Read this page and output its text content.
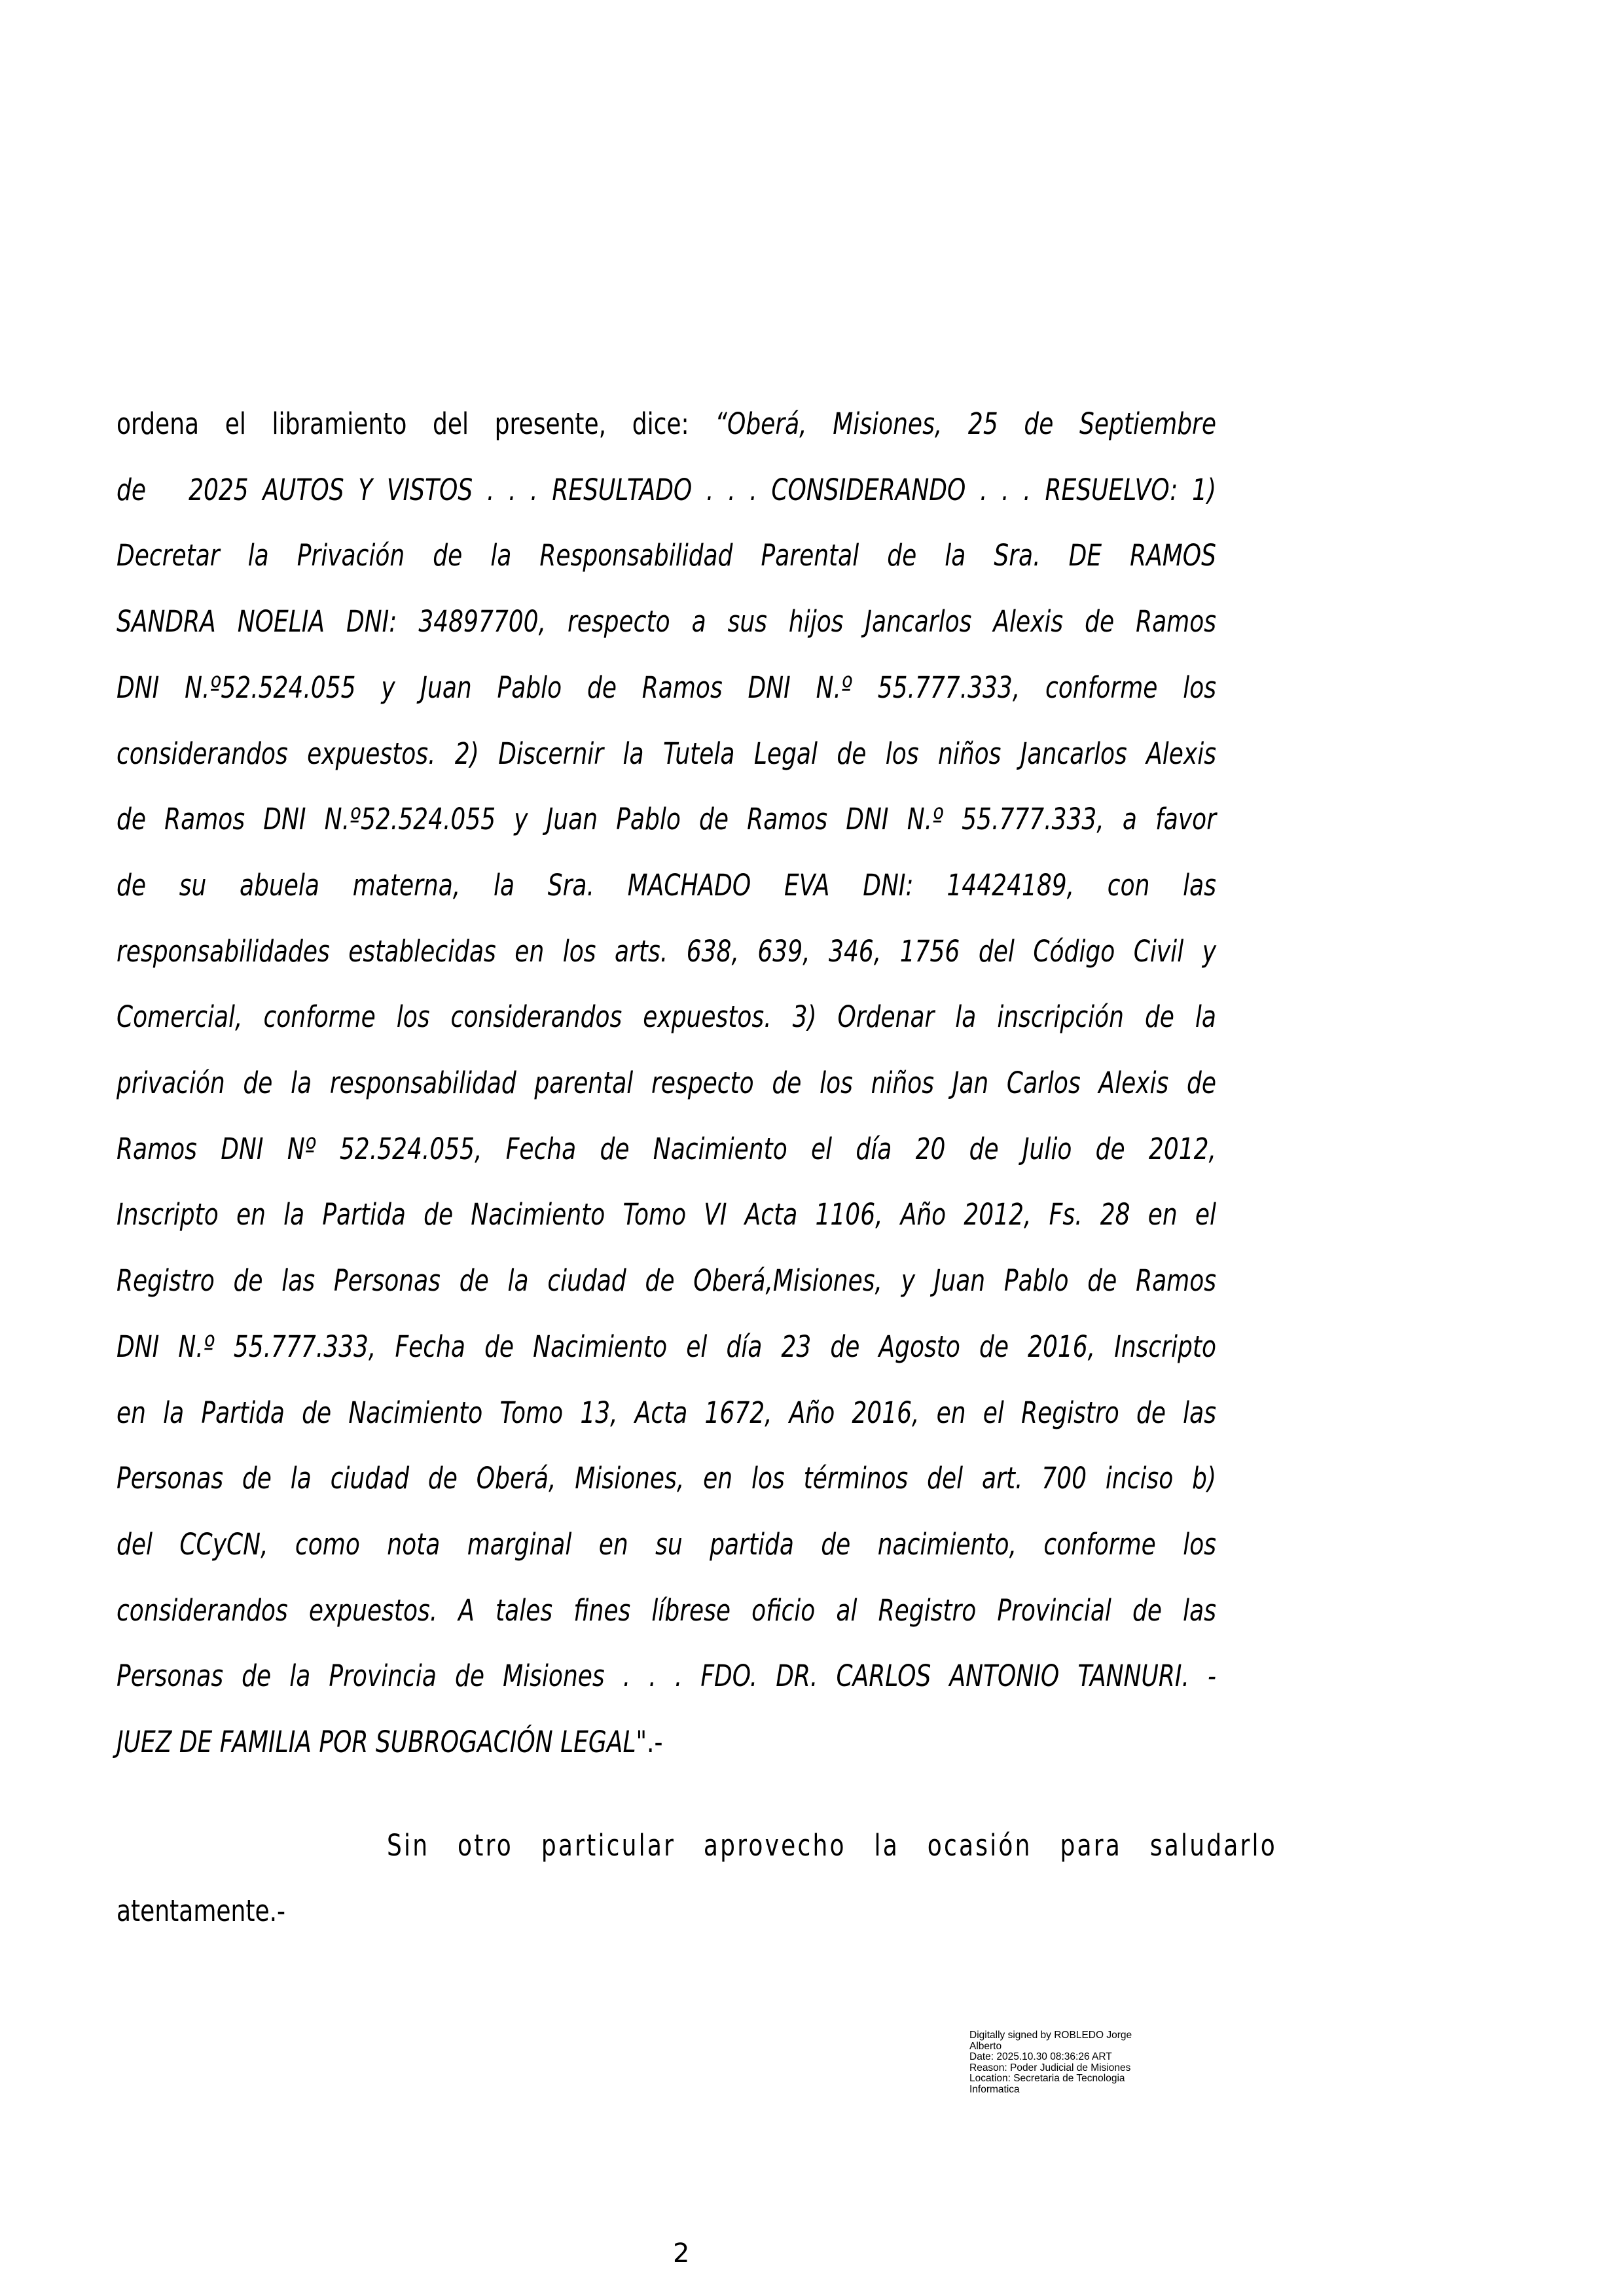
ordena el libramiento del presente, dice: “Oberá, Misiones, 25 de Septiembre
de   2025 AUTOS Y VISTOS . . . RESULTADO . . . CONSIDERANDO . . . RESUELVO: 1)
Decretar la Privación de la Responsabilidad Parental de la Sra. DE RAMOS
SANDRA NOELIA DNI: 34897700, respecto a sus hijos Jancarlos Alexis de Ramos
DNI N.º52.524.055 y Juan Pablo de Ramos DNI N.º 55.777.333, conforme los
considerandos expuestos. 2) Discernir la Tutela Legal de los niños Jancarlos Alexis
de Ramos DNI N.º52.524.055 y Juan Pablo de Ramos DNI N.º 55.777.333, a favor
de su abuela materna, la Sra. MACHADO EVA DNI: 14424189, con las
responsabilidades establecidas en los arts. 638, 639, 346, 1756 del Código Civil y
Comercial, conforme los considerandos expuestos. 3) Ordenar la inscripción de la
privación de la responsabilidad parental respecto de los niños Jan Carlos Alexis de
Ramos DNI Nº 52.524.055, Fecha de Nacimiento el día 20 de Julio de 2012,
Inscripto en la Partida de Nacimiento Tomo VI Acta 1106, Año 2012, Fs. 28 en el
Registro de las Personas de la ciudad de Oberá,Misiones, y Juan Pablo de Ramos
DNI N.º 55.777.333, Fecha de Nacimiento el día 23 de Agosto de 2016, Inscripto
en la Partida de Nacimiento Tomo 13, Acta 1672, Año 2016, en el Registro de las
Personas de la ciudad de Oberá, Misiones, en los términos del art. 700 inciso b)
del CCyCN, como nota marginal en su partida de nacimiento, conforme los
considerandos expuestos. A tales fines líbrese oficio al Registro Provincial de las
Personas de la Provincia de Misiones . . . FDO. DR. CARLOS ANTONIO TANNURI. -
JUEZ DE FAMILIA POR SUBROGACIÓN LEGAL".-
Sin otro particular aprovecho la ocasión para saludarlo
atentamente.-
Digitally signed by ROBLEDO Jorge
Alberto
Date: 2025.10.30 08:36:26 ART
Reason: Poder Judicial de Misiones
Location: Secretaria de Tecnologia
Informatica
2
